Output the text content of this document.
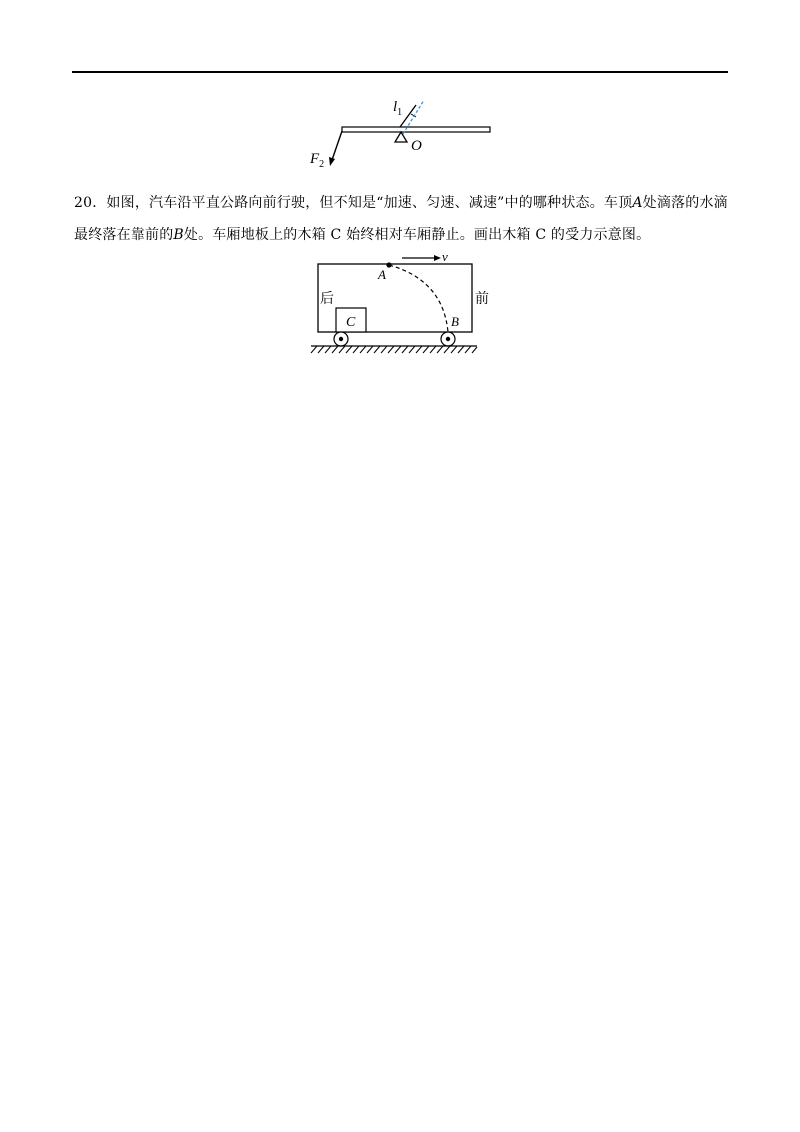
$l_1$
O
$F_2$
20．如图，汽车沿平直公路向前行驶，但不知是“加速、匀速、减速”中的哪种状态。车顶A处滴落的水滴最终落在靠前的B处。车厢地板上的木箱 C 始终相对车厢静止。画出木箱 C 的受力示意图。
C
A
v
B
后	前
